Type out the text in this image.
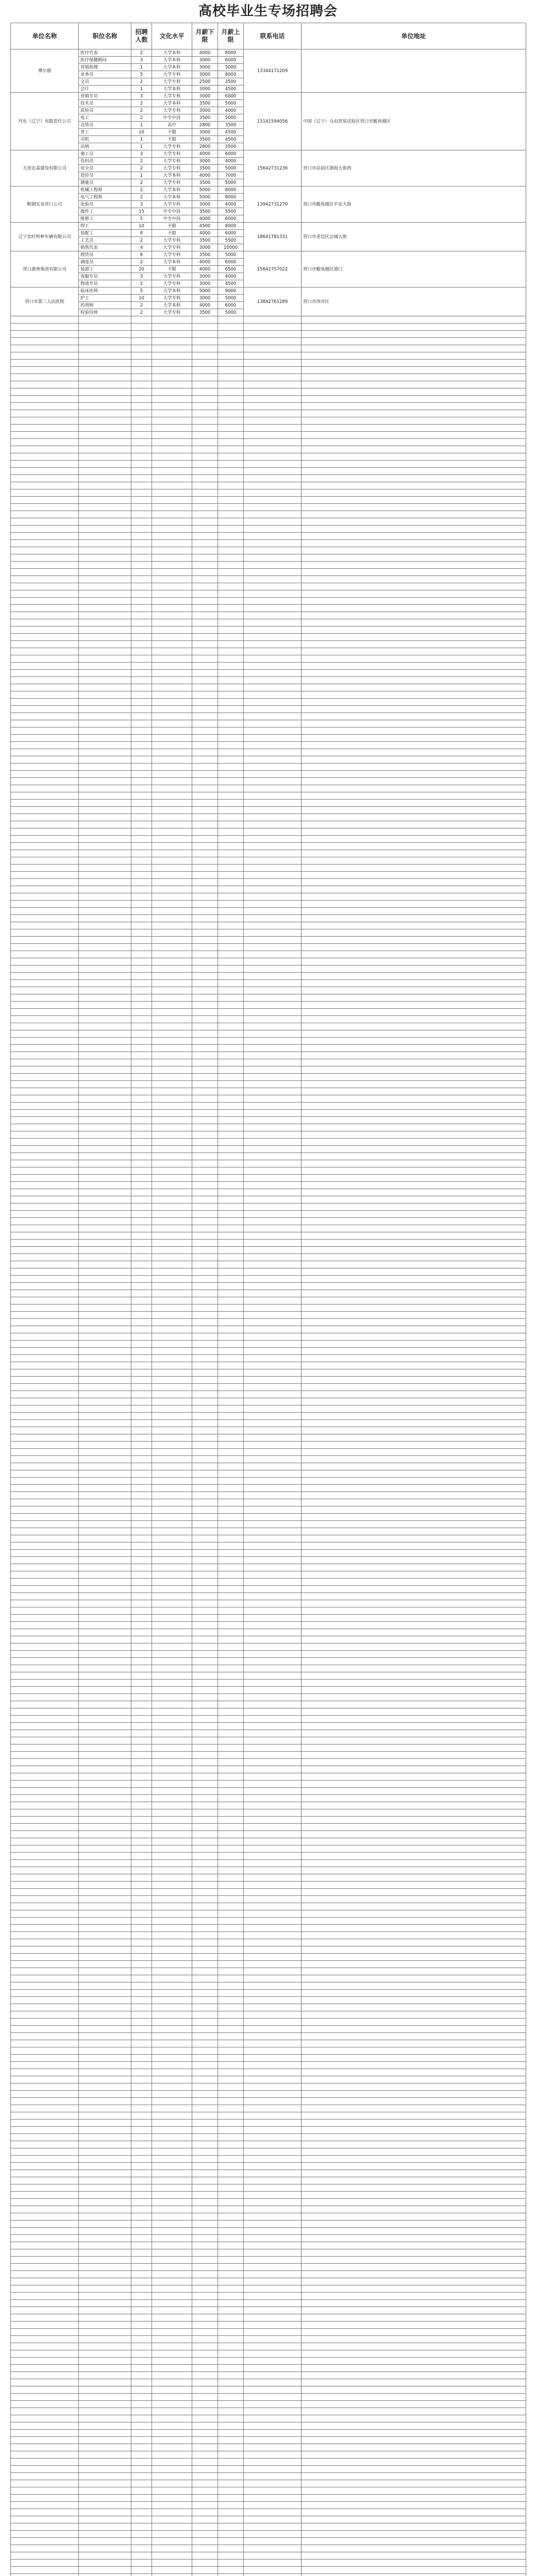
高校毕业生专场招聘会
单位名称	职位名称	招聘人数	文化水平	月薪下限	月薪上限	联系电话	单位地址
博尔德	医疗代表	2	大学本科	4000	8000	13344171209	
	医疗保健顾问	3	大学本科	3000	6000		
	营销助理	1	大学本科	3000	5000		
	业务员	5	大学专科	3000	8000		
	文员	2	大学专科	2500	3500		
	会计	1	大学本科	3000	4500		
丹东（辽宁）有限责任公司	营销专员	3	大学专科	3000	6000	15141594056	中国（辽宁）自由贸易试验区营口市鲅鱼圈区
	技术员	2	大学本科	3500	5000		
	质检员	2	大学专科	3000	4000		
	电工	2	中专中技	3500	5000		
	仓管员	1	高中	2800	3500		
	普工	10	不限	3000	4500		
	司机	1	不限	3500	4500		
	出纳	1	大学专科	2800	3500		
大连宏基建设有限公司	施工员	3	大学专科	4000	6000	15642731236	营口市站前区渤海大街西
	资料员	2	大学专科	3000	4000		
	安全员	2	大学专科	3500	5000		
	造价员	1	大学本科	4000	7000		
	测量员	2	大学专科	3500	5000		
鞍钢实业营口公司	机械工程师	2	大学本科	5000	8000	13942731270	营口市鲅鱼圈区平安大街
	电气工程师	2	大学本科	5000	8000		
	化验员	3	大学专科	3000	4000		
	操作工	15	中专中技	3500	5500		
	维修工	5	中专中技	4000	6000		
辽宁忠旺特种车辆有限公司	焊工	10	不限	4500	8000	18641781331	营口市老边区边城大街
	装配工	8	不限	4000	6000		
	工艺员	2	大学专科	3500	5500		
	销售代表	4	大学专科	3000	10000		
营口港务集团有限公司	理货员	6	大学专科	3500	5000	15842757022	营口市鲅鱼圈区港口
	调度员	2	大学本科	4000	6000		
	装卸工	20	不限	4000	6500		
	客服专员	3	大学专科	3000	4000		
	物流专员	2	大学专科	3000	4500		
营口市第三人民医院	临床医师	5	大学本科	5000	9000	13842761289	营口市西市区
	护士	10	大学专科	3000	5000		
	药剂师	2	大学本科	4000	6000		
	检验技师	2	大学专科	3500	5000		
